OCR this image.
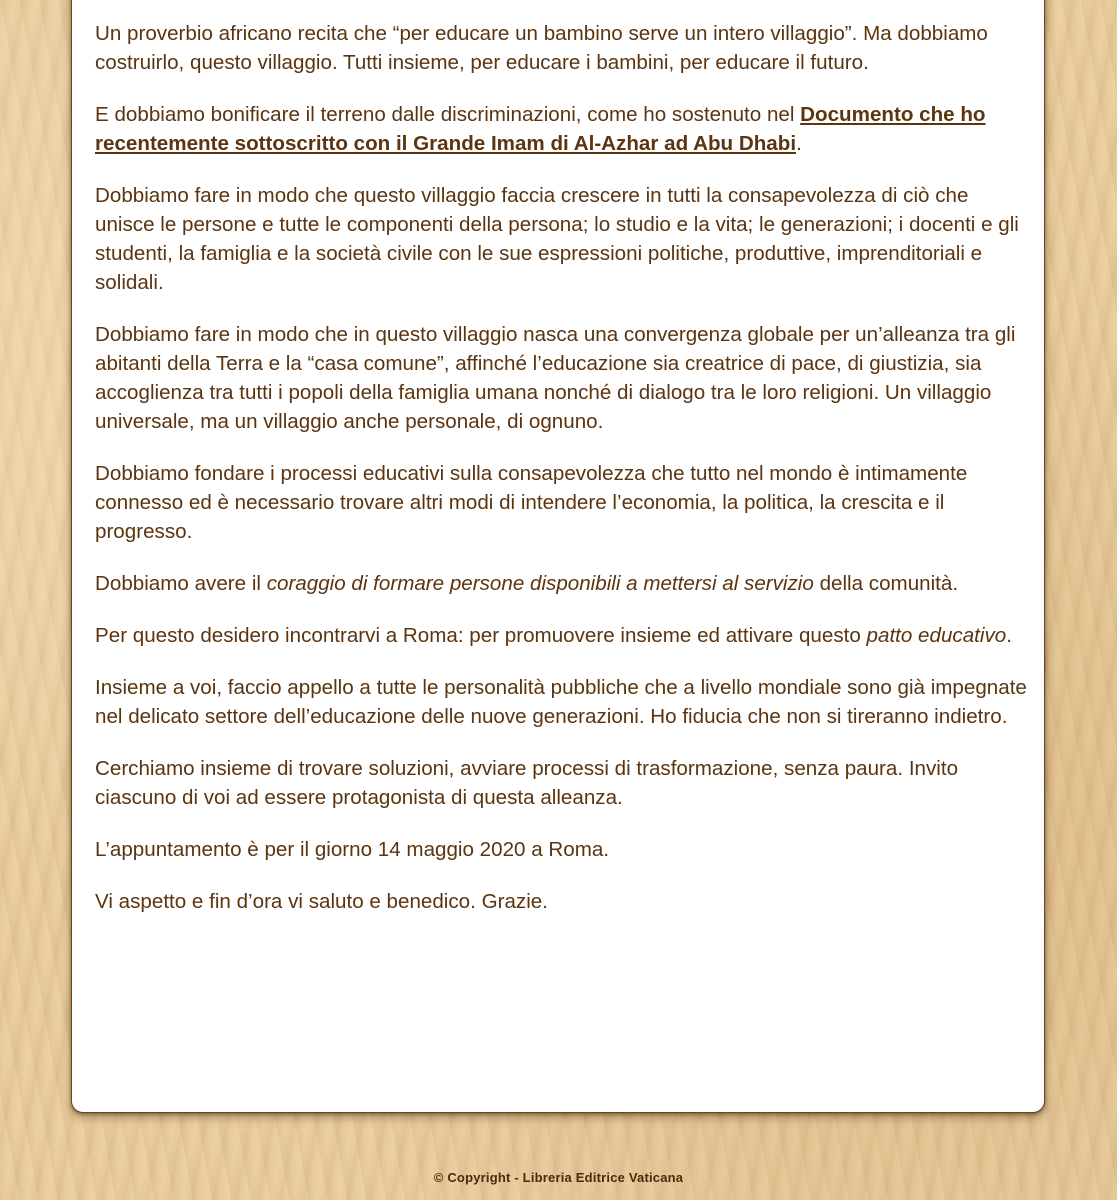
Un proverbio africano recita che “per educare un bambino serve un intero villaggio”. Ma dobbiamo costruirlo, questo villaggio. Tutti insieme, per educare i bambini, per educare il futuro.

E dobbiamo bonificare il terreno dalle discriminazioni, come ho sostenuto nel Documento che ho recentemente sottoscritto con il Grande Imam di Al-Azhar ad Abu Dhabi.

Dobbiamo fare in modo che questo villaggio faccia crescere in tutti la consapevolezza di ciò che unisce le persone e tutte le componenti della persona; lo studio e la vita; le generazioni; i docenti e gli studenti, la famiglia e la società civile con le sue espressioni politiche, produttive, imprenditoriali e solidali.

Dobbiamo fare in modo che in questo villaggio nasca una convergenza globale per un’alleanza tra gli abitanti della Terra e la “casa comune”, affinché l’educazione sia creatrice di pace, di giustizia, sia accoglienza tra tutti i popoli della famiglia umana nonché di dialogo tra le loro religioni. Un villaggio universale, ma un villaggio anche personale, di ognuno.

Dobbiamo fondare i processi educativi sulla consapevolezza che tutto nel mondo è intimamente connesso ed è necessario trovare altri modi di intendere l’economia, la politica, la crescita e il progresso.

Dobbiamo avere il coraggio di formare persone disponibili a mettersi al servizio della comunità.

Per questo desidero incontrarvi a Roma: per promuovere insieme ed attivare questo patto educativo.

Insieme a voi, faccio appello a tutte le personalità pubbliche che a livello mondiale sono già impegnate nel delicato settore dell’educazione delle nuove generazioni. Ho fiducia che non si tireranno indietro.

Cerchiamo insieme di trovare soluzioni, avviare processi di trasformazione, senza paura. Invito ciascuno di voi ad essere protagonista di questa alleanza.

L’appuntamento è per il giorno 14 maggio 2020 a Roma.

Vi aspetto e fin d’ora vi saluto e benedico. Grazie.

© Copyright - Libreria Editrice Vaticana
